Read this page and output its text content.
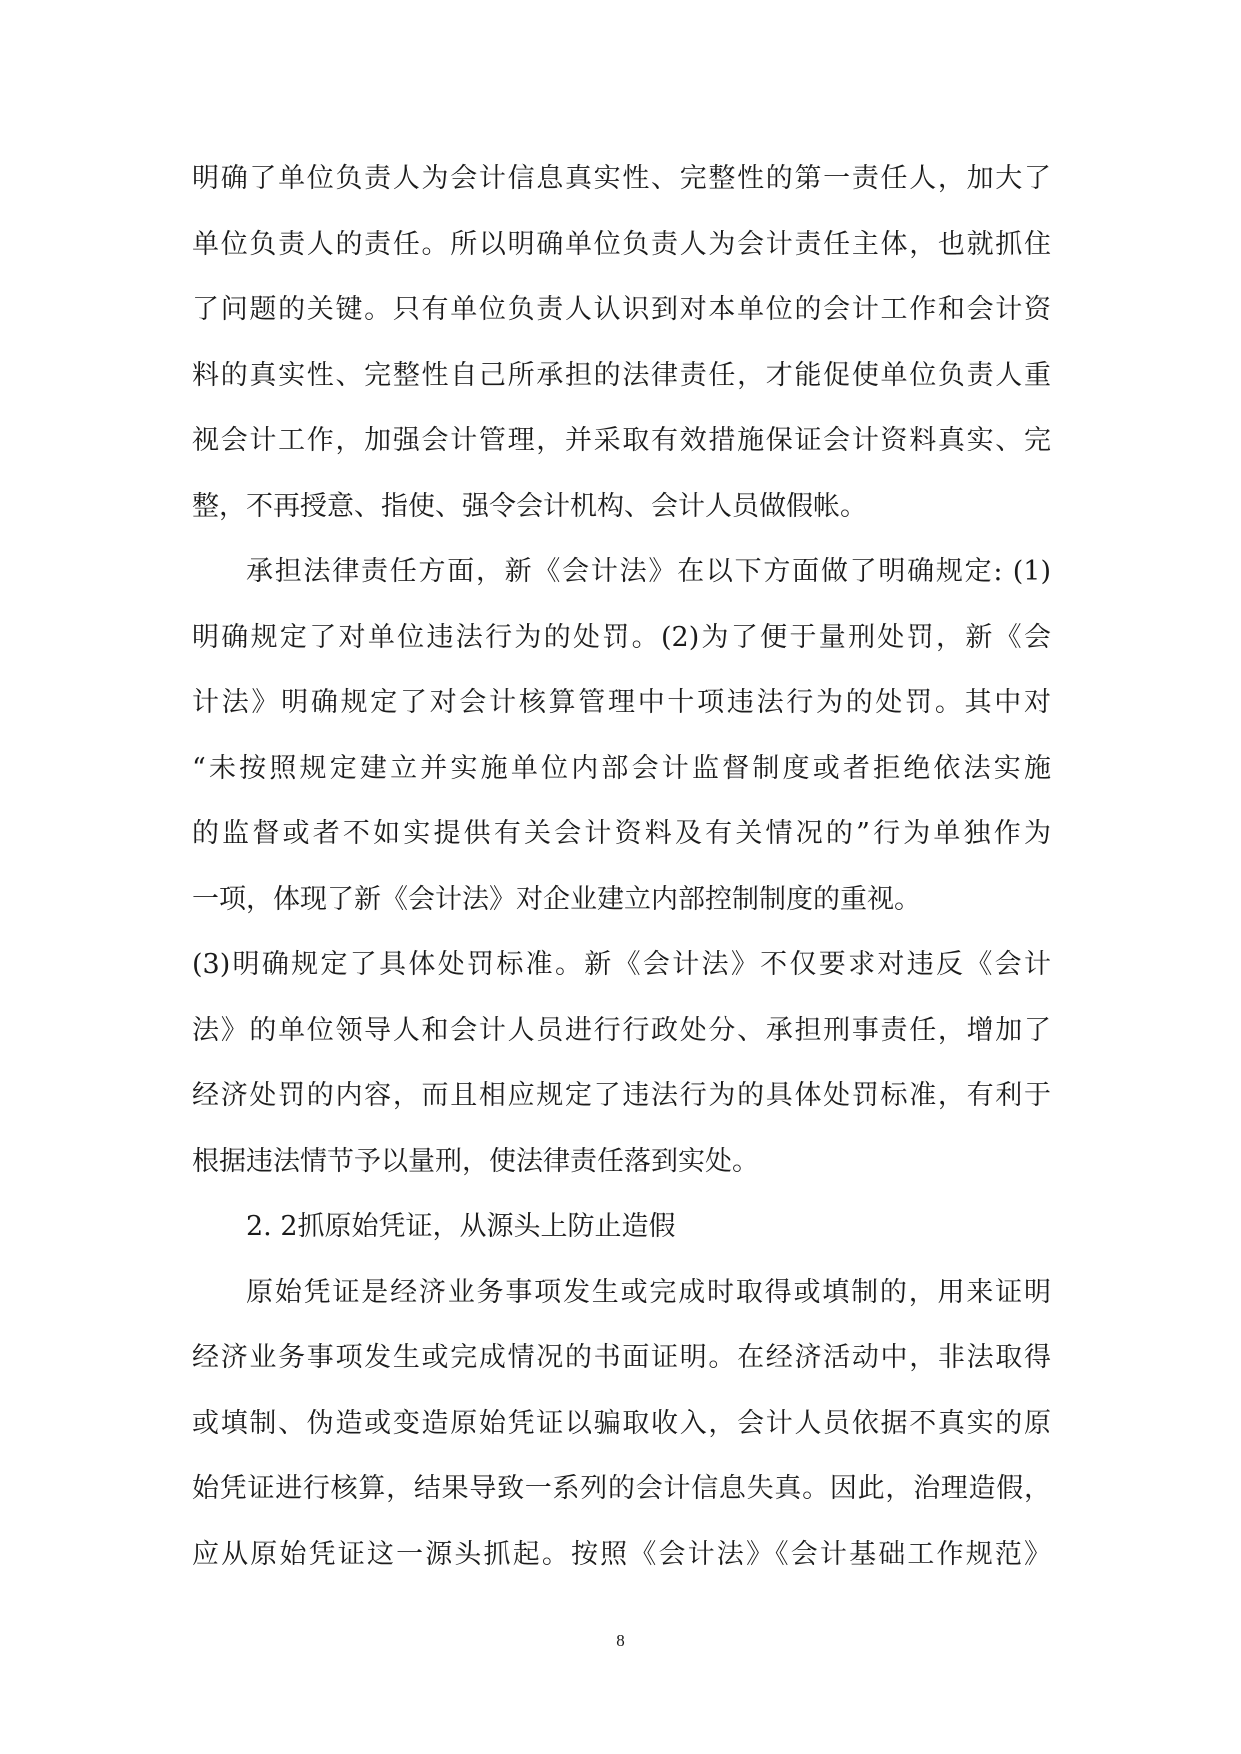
明确了单位负责人为会计信息真实性、完整性的第一责任人，加大了
单位负责人的责任。所以明确单位负责人为会计责任主体，也就抓住
了问题的关键。只有单位负责人认识到对本单位的会计工作和会计资
料的真实性、完整性自己所承担的法律责任，才能促使单位负责人重
视会计工作，加强会计管理，并采取有效措施保证会计资料真实、完
整，不再授意、指使、强令会计机构、会计人员做假帐。
承担法律责任方面，新《会计法》在以下方面做了明确规定: (1)
明确规定了对单位违法行为的处罚。(2)为了便于量刑处罚，新《会
计法》明确规定了对会计核算管理中十项违法行为的处罚。其中对
“未按照规定建立并实施单位内部会计监督制度或者拒绝依法实施
的监督或者不如实提供有关会计资料及有关情况的”行为单独作为
一项，体现了新《会计法》对企业建立内部控制制度的重视。
(3)明确规定了具体处罚标准。新《会计法》不仅要求对违反《会计
法》的单位领导人和会计人员进行行政处分、承担刑事责任，增加了
经济处罚的内容，而且相应规定了违法行为的具体处罚标准，有利于
根据违法情节予以量刑，使法律责任落到实处。
2. 2抓原始凭证，从源头上防止造假
原始凭证是经济业务事项发生或完成时取得或填制的，用来证明
经济业务事项发生或完成情况的书面证明。在经济活动中，非法取得
或填制、伪造或变造原始凭证以骗取收入，会计人员依据不真实的原
始凭证进行核算，结果导致一系列的会计信息失真。因此，治理造假，
应从原始凭证这一源头抓起。按照《会计法》《会计基础工作规范》
8
